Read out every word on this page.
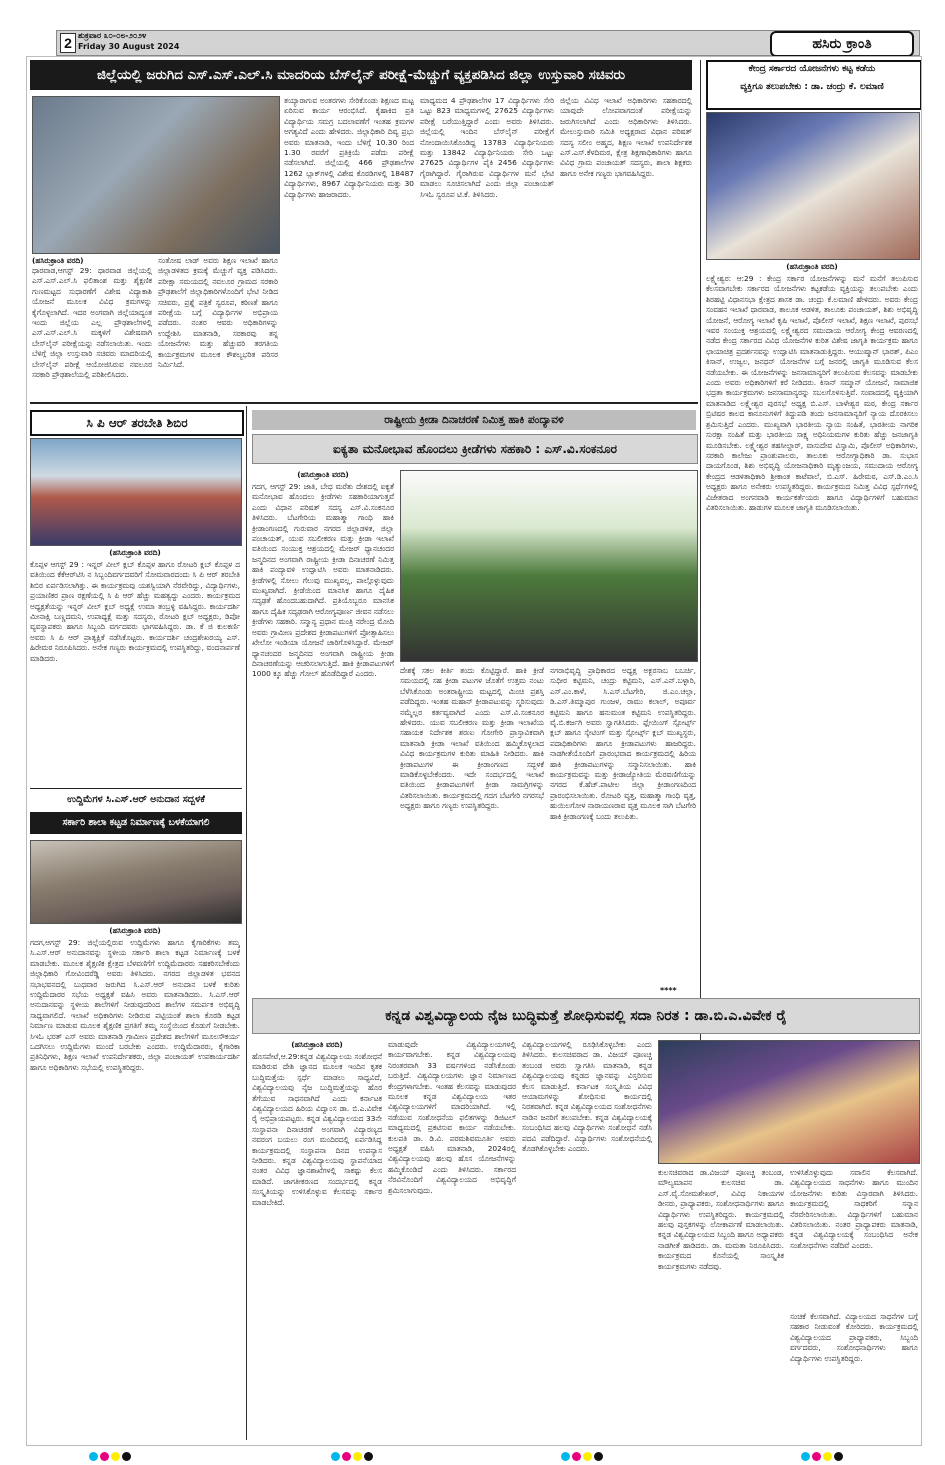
2 ಶುಕ್ರವಾರ ೩೦-೦೮-೨೦೨೪
Friday 30 August 2024	ಹಸಿರು ಕ್ರಾಂತಿ
ಜಿಲ್ಲೆಯಲ್ಲಿ ಜರುಗಿದ ಎಸ್.ಎಸ್.ಎಲ್.ಸಿ ಮಾದರಿಯ ಬೆಸ್‌ಲೈನ್ ಪರೀಕ್ಷೆ-ಮೆಚ್ಚುಗೆ ವ್ಯಕ್ತಪಡಿಸಿದ ಜಿಲ್ಲಾ ಉಸ್ತುವಾರಿ ಸಚಿವರು
(ಹಸಿರುಕ್ರಾಂತಿ ವರದಿ)
ಧಾರವಾಡ,ಆಗಸ್ಟ್ 29: ಧಾರವಾಡ ಜಿಲ್ಲೆಯಲ್ಲಿ ಎಸ್.ಎಸ್.ಎಲ್.ಸಿ ಫಲಿತಾಂಶ ಮತ್ತು ಶೈಕ್ಷಣಿಕ ಗುಣಮಟ್ಟದ ಸುಧಾರಣೆಗೆ ವಿಶೇಷ ವಿದ್ಯಾಕಾಶಿ ಯೋಜನೆ ಮೂಲಕ ವಿವಿಧ ಕ್ರಮಗಳನ್ನು ಕೈಗೊಳ್ಳಲಾಗಿದೆ. ಇದರ ಅಂಗವಾಗಿ ಜಿಲ್ಲೆಯಾದ್ಯಂತ ಇಂದು ಜಿಲ್ಲೆಯ ಎಲ್ಲ ಪ್ರೌಢಶಾಲೆಗಳಲ್ಲಿ ಎಸ್.ಎಸ್.ಎಲ್.ಸಿ ಮಕ್ಕಳಿಗೆ ವಿಶೇಷವಾಗಿ ಬೇಸ್‌ಲೈನ್ ಪರೀಕ್ಷೆಯನ್ನು ನಡೆಸಲಾಯಿತು. ಇಂದು ಬೆಳಿಗ್ಗೆ ಜಿಲ್ಲಾ ಉಸ್ತುವಾರಿ ಸಚಿವರು ಮಾದರಿಯಲ್ಲಿ ಬೇಸ್‌ಲೈನ್ ಪರೀಕ್ಷೆ ಆಯೋಜಿಸಿರುವ ನವಲೂರ ಸರಕಾರಿ ಪ್ರೌಢಶಾಲೆಯಲ್ಲಿ ಪರಿಶೀಲಿಸಿದರು.
ಸಂತೋಷ ಲಾಡ್ ಅವರು ಶಿಕ್ಷಣ ಇಲಾಖೆ ಹಾಗೂ ಜಿಲ್ಲಾಡಳಿತದ ಕ್ರಮಕ್ಕೆ ಮೆಚ್ಚುಗೆ ವ್ಯಕ್ತ ಪಡಿಸಿದರು. ಪರೀಕ್ಷಾ ಸಮಯದಲ್ಲಿ ನವಲೂರ ಗ್ರಾಮದ ಸರಕಾರಿ ಪ್ರೌಢಶಾಲೆಗೆ ಜಿಲ್ಲಾಧಿಕಾರಿಗಳೊಂದಿಗೆ ಭೇಟಿ ನೀಡಿದ ಸಚಿವರು, ಪ್ರಶ್ನೆ ಪತ್ರಿಕೆ ಸ್ವರೂಪ, ಕಠಿಣತೆ ಹಾಗೂ ಪರೀಕ್ಷೆಯ ಬಗ್ಗೆ ವಿದ್ಯಾರ್ಥಿಗಳ ಅಭಿಪ್ರಾಯ ಪಡೆದರು. ನಂತರ ಆವರು ಅಧಿಕಾರಿಗಳನ್ನು ಉದ್ದೇಶಿಸಿ ಮಾತನಾಡಿ, ಸರಕಾರವು ತನ್ನ ಯೋಜನೆಗಳು ಮತ್ತು ಹೆಚ್ಚುವರಿ ತರಗತಿಯ ಕಾರ್ಯಕ್ರಮಗಳ ಮೂಲಕ ಕೌಶಲ್ಯಭರಿತ ಪರಿಸರ ನಿರ್ಮಿಸಿದೆ.
ತಯ್ಯಾರಾಗುವ ಅಂತರಗಳು ಸೇರಿಕೊಂಡು ಶಿಕ್ಷಣದ ಮಟ್ಟ ಏರಿಸುವ ಕಾರ್ಯ ಆರಂಭಿಸಿದೆ. ಕೈಹಾಕಿದ ಪ್ರತಿ ವಿದ್ಯಾರ್ಥಿಯ ಸಮಗ್ರ ಬದಲಾವಣೆಗೆ ಇಂತಹ ಕ್ರಮಗಳ ಅಗತ್ಯವಿದೆ ಎಂದು ಹೇಳಿದರು. ಜಿಲ್ಲಾಧಿಕಾರಿ ದಿವ್ಯ ಪ್ರಭು ಅವರು ಮಾತನಾಡಿ, ಇಂದು ಬೆಳಿಗ್ಗೆ 10.30 ರಿಂದ 1.30 ರವರೆಗೆ ಪ್ರತಿಕ್ರಿಯೆ ಪಡೆದು ಪರೀಕ್ಷೆ ನಡೆಸಲಾಗಿದೆ. ಜಿಲ್ಲೆಯಲ್ಲಿ 466 ಪ್ರೌಢಶಾಲೆಗಳ 1262 ಬ್ಲಾಕ್‌ಗಳಲ್ಲಿ ವಿಶೇಷ ಕೊಠಡಿಗಳಲ್ಲಿ 18487 ವಿದ್ಯಾರ್ಥಿಗಳು, 8967 ವಿದ್ಯಾರ್ಥಿನಿಯರು ಮತ್ತು 30 ವಿದ್ಯಾರ್ಥಿಗಳು ಹಾಜರಾದರು.
ಮಾಧ್ಯಮದ 4 ಪ್ರೌಢಶಾಲೆಗಳ 17 ವಿದ್ಯಾರ್ಥಿಗಳು ಸೇರಿ ಒಟ್ಟು 823 ಮಾಧ್ಯಮಗಳಲ್ಲಿ 27625 ವಿದ್ಯಾರ್ಥಿಗಳು ಪರೀಕ್ಷೆ ಬರೆಯುತ್ತಿದ್ದಾರೆ ಎಂದು ಅವರು ತಿಳಿಸಿದರು. ಜಿಲ್ಲೆಯಲ್ಲಿ ಇಂದಿನ ಬೆಸ್‌ಲೈನ್ ಪರೀಕ್ಷೆಗೆ ನೋಂದಾಯಿಸಿಕೊಂಡಿದ್ದ 13783 ವಿದ್ಯಾರ್ಥಿನಿಯರು ಮತ್ತು 13842 ವಿದ್ಯಾರ್ಥಿನಿಯರು ಸೇರಿ ಒಟ್ಟು 27625 ವಿದ್ಯಾರ್ಥಿಗಳ ಪೈಕಿ 2456 ವಿದ್ಯಾರ್ಥಿಗಳು ಗೈರಾಗಿದ್ದಾರೆ. ಗೈರಾಗಿರುವ ವಿದ್ಯಾರ್ಥಿಗಳ ಮನೆ ಭೇಟಿ ಮಾಡಲು ಸೂಚಿಸಲಾಗಿದೆ ಎಂದು ಜಿಲ್ಲಾ ಪಂಚಾಯತ್ ಸಿಇಓ ಸ್ವರೂಪ ಟಿ.ಕೆ. ತಿಳಿಸಿದರು.
ಜಿಲ್ಲೆಯ ವಿವಿಧ ಇಲಾಖೆ ಅಧಿಕಾರಿಗಳು ಸಹಕಾರದಲ್ಲಿ ಯಾವುದೇ ಲೋಪವಾಗದಂತೆ ಪರೀಕ್ಷೆಯನ್ನು ಜರುಗಿಸಲಾಗಿದೆ ಎಂದು ಅಧಿಕಾರಿಗಳು ತಿಳಿಸಿದರು. ಮೇಲುಸ್ತುವಾರಿ ಸಮಿತಿ ಅಧ್ಯಕ್ಷರಾದ ವಿಧಾನ ಪರಿಷತ್ ಸದಸ್ಯ ಸಲೀಂ ಅಹ್ಮದ, ಶಿಕ್ಷಣ ಇಲಾಖೆ ಉಪನಿರ್ದೇಶಕ ಎಸ್.ಎಸ್.ಕೆಳದಿಮಠ, ಕ್ಷೇತ್ರ ಶಿಕ್ಷಣಾಧಿಕಾರಿಗಳು ಹಾಗೂ ವಿವಿಧ ಗ್ರಾಮ ಪಂಚಾಯತ್ ಸದಸ್ಯರು, ಶಾಲಾ ಶಿಕ್ಷಕರು ಹಾಗೂ ಅನೇಕ ಗಣ್ಯರು ಭಾಗವಹಿಸಿದ್ದರು.
ಕೇಂದ್ರ ಸರ್ಕಾರದ ಯೋಜನೆಗಳು ಕಟ್ಟ ಕಡೆಯ
ವ್ಯಕ್ತಿಗೂ ತಲುಪಬೇಕು : ಡಾ. ಚಂದ್ರು ಕೆ. ಲಮಾಣಿ
(ಹಸಿರುಕ್ರಾಂತಿ ವರದಿ)
ಲಕ್ಷ್ಮೇಶ್ವರ: ಆ:29 : ಕೇಂದ್ರ ಸರ್ಕಾರ ಯೋಜನೆಗಳನ್ನು ಮನೆ ಮನೆಗೆ ತಲುಪಿಸುವ ಕೆಲಸವಾಗಬೇಕು ಸರ್ಕಾರದ ಯೋಜನೆಗಳು ಕಟ್ಟಕಡೆಯ ವ್ಯಕ್ತಿಯನ್ನು ತಲುಪಬೇಕು ಎಂದು ಶಿರಹಟ್ಟಿ ವಿಧಾನಸಭಾ ಕ್ಷೇತ್ರದ ಶಾಸಕ ಡಾ. ಚಂದ್ರು ಕೆ.ಲಮಾಣಿ ಹೇಳಿದರು. ಅವರು ಕೇಂದ್ರ ಸಂವಹನ ಇಲಾಖೆ ಧಾರವಾಡ, ತಾಲೂಕ ಆಡಳಿತ, ತಾಲೂಕು ಪಂಚಾಯತ್, ಶಿಶು ಅಭಿವೃದ್ಧಿ ಯೋಜನೆ, ಆರೋಗ್ಯ ಇಲಾಖೆ ಕೃಷಿ ಇಲಾಖೆ, ಪೊಲೀಸ್ ಇಲಾಖೆ, ಶಿಕ್ಷಣ ಇಲಾಖೆ, ಪುರಸಭೆ ಇವರ ಸಂಯುಕ್ತ ಆಶ್ರಯದಲ್ಲಿ ಲಕ್ಷ್ಮೇಶ್ವರದ ಸಮುದಾಯ ಆರೋಗ್ಯ ಕೇಂದ್ರ ಆವರಣದಲ್ಲಿ ನಡೆದ ಕೇಂದ್ರ ಸರ್ಕಾರದ ವಿವಿಧ ಯೋಜನೆಗಳ ಕುರಿತ ವಿಶೇಷ ಜಾಗೃತಿ ಕಾರ್ಯಕ್ರಮ ಹಾಗೂ ಛಾಯಾಚಿತ್ರ ಪ್ರದರ್ಶನವನ್ನು ಉದ್ಘಾಟಿಸಿ ಮಾತನಾಡುತ್ತಿದ್ದರು. ಆಯುಷ್ಮಾನ್ ಭಾರತ್, ಪಿಎಂ ಕಿಸಾನ್, ಉಜ್ವಲ, ಜನಧನ್ ಯೋಜನೆಗಳ ಬಗ್ಗೆ ಜನರಲ್ಲಿ ಜಾಗೃತಿ ಮೂಡಿಸುವ ಕೆಲಸ ನಡೆಯಬೇಕು. ಈ ಯೋಜನೆಗಳನ್ನು ಜನಸಾಮಾನ್ಯರಿಗೆ ತಲುಪಿಸುವ ಕೆಲಸವನ್ನು ಮಾಡಬೇಕು ಎಂದು ಅವರು ಅಧಿಕಾರಿಗಳಿಗೆ ಕರೆ ನೀಡಿದರು. ಕಿಸಾನ್ ಸಮ್ಮಾನ್ ಯೋಜನೆ, ಸಾಮಾಜಿಕ ಭದ್ರತಾ ಕಾರ್ಯಕ್ರಮಗಳು ಜನಸಾಮಾನ್ಯರನ್ನು ಸಬಲಗೊಳಿಸುತ್ತಿವೆ. ಸಂವಾದದಲ್ಲಿ ವ್ಯಕ್ತಿಯಾಗಿ ಮಾತನಾಡಿದ ಲಕ್ಷ್ಮೇಶ್ವರ ಪುರಸಭೆ ಅಧ್ಯಕ್ಷ ಬಿ.ಎಸ್. ಬಾಳೇಶ್ವರ ಮಠ, ಕೇಂದ್ರ ಸರ್ಕಾರ ಬ್ರಿಟಿಷರ ಕಾಲದ ಕಾನೂನುಗಳಿಗೆ ತಿದ್ದುಪಡಿ ತಂದು ಜನಸಾಮಾನ್ಯರಿಗೆ ನ್ಯಾಯ ದೊರಕಿಸಲು ಶ್ರಮಿಸುತ್ತಿದೆ ಎಂದರು. ಮುಖ್ಯವಾಗಿ ಭಾರತೀಯ ನ್ಯಾಯ ಸಂಹಿತೆ, ಭಾರತೀಯ ನಾಗರಿಕ ಸುರಕ್ಷಾ ಸಂಹಿತೆ ಮತ್ತು ಭಾರತೀಯ ಸಾಕ್ಷ್ಯ ಅಧಿನಿಯಮಗಳ ಕುರಿತು ಹೆಚ್ಚು ಜನಜಾಗೃತಿ ಮೂಡಿಸಬೇಕು. ಲಕ್ಷ್ಮೇಶ್ವರ ತಹಸೀಲ್ದಾರ್, ವಾಸುದೇವ ವಿಸ್ವಾಮಿ, ಪೊಲೀಸ್ ಅಧಿಕಾರಿಗಳು, ಸರಕಾರಿ ಕಾಲೇಜು ಪ್ರಾಂಶುಪಾಲರು, ತಾಲೂಕು ಆರೋಗ್ಯಾಧಿಕಾರಿ ಡಾ. ಸುಭಾಸ ದಾಯಗೊಂಡ, ಶಿಶು ಅಭಿವೃದ್ಧಿ ಯೋಜನಾಧಿಕಾರಿ ಮೃತ್ಯುಂಜಯ, ಸಮುದಾಯ ಆರೋಗ್ಯ ಕೇಂದ್ರದ ಆಡಳಿತಾಧಿಕಾರಿ ಶ್ರೀಕಾಂತ ಕಾಟೆವಾಲೆ, ಬಿ.ಎಸ್. ಹಿರೇಮಠ, ಎಸ್.ಡಿ.ಎಂ.ಸಿ ಅಧ್ಯಕ್ಷರು ಹಾಗೂ ಅನೇಕರು ಉಪಸ್ಥಿತರಿದ್ದರು. ಕಾರ್ಯಕ್ರಮದ ನಿಮಿತ್ತ ವಿವಿಧ ಸ್ಪರ್ಧೆಗಳಲ್ಲಿ ವಿಜೇತರಾದ ಅಂಗನವಾಡಿ ಕಾರ್ಯಕರ್ತೆಯರು ಹಾಗೂ ವಿದ್ಯಾರ್ಥಿಗಳಿಗೆ ಬಹುಮಾನ ವಿತರಿಸಲಾಯಿತು. ಹಾಡುಗಳ ಮೂಲಕ ಜಾಗೃತಿ ಮೂಡಿಸಲಾಯಿತು.
ಸಿ ಪಿ ಆರ್ ತರಬೇತಿ ಶಿಬಿರ
(ಹಸಿರುಕ್ರಾಂತಿ ವರದಿ)
ಕೊಪ್ಪಳ ಆಗಸ್ಟ್ 29 : ಇನ್ನರ್ ವೀಲ್ ಕ್ಲಬ್ ಕೊಪ್ಪಳ ಹಾಗೂ ರೋಟರಿ ಕ್ಲಬ್ ಕೊಪ್ಪಳ ದ ವತಿಯಿಂದ ಕೆಕೆಆರ್‌ಟಿಸಿ ನ ಸಿಬ್ಬಂದಿವರ್ಗದವರಿಗೆ ಸೋಮವಾರದಂದು ಸಿ ಪಿ ಆರ್ ತರಬೇತಿ ಶಿಬಿರ ಏರ್ಪಡಿಸಲಾಗಿತ್ತು. ಈ ಕಾರ್ಯಕ್ರಮವು ಯಶಸ್ವಿಯಾಗಿ ನೆರವೇರಿದ್ದು, ವಿದ್ಯಾರ್ಥಿಗಳು, ಪ್ರಯಾಣಿಕರ ಪ್ರಾಣ ರಕ್ಷಣೆಯಲ್ಲಿ ಸಿ ಪಿ ಆರ್ ಹೆಚ್ಚು ಮಹತ್ವದ್ದು ಎಂದರು. ಕಾರ್ಯಕ್ರಮದ ಅಧ್ಯಕ್ಷತೆಯನ್ನು ಇನ್ನರ್ ವೀಲ್ ಕ್ಲಬ್ ಅಧ್ಯಕ್ಷೆ ಉಮಾ ತಂಬ್ರಳ್ಳಿ ವಹಿಸಿದ್ದರು. ಕಾರ್ಯದರ್ಶಿ ಮೀನಾಕ್ಷಿ ಬಣ್ಣದಮನಿ, ಉಪಾಧ್ಯಕ್ಷೆ ಮತ್ತು ಸದಸ್ಯರು, ರೋಟರಿ ಕ್ಲಬ್ ಅಧ್ಯಕ್ಷರು, ಡಿಪೋ ವ್ಯವಸ್ಥಾಪಕರು ಹಾಗೂ ಸಿಬ್ಬಂದಿ ವರ್ಗದವರು ಭಾಗವಹಿಸಿದ್ದರು. ಡಾ. ಕೆ ಜಿ ಕುಲಕರ್ಣಿ ಅವರು ಸಿ ಪಿ ಆರ್ ಪ್ರಾತ್ಯಕ್ಷಿಕೆ ನಡೆಸಿಕೊಟ್ಟರು. ಕಾರ್ಯದರ್ಶಿ ಚಂದ್ರಶೇಖರಯ್ಯ ಎಸ್. ಹಿರೇಮಠ ನಿರೂಪಿಸಿದರು. ಅನೇಕ ಗಣ್ಯರು ಕಾರ್ಯಕ್ರಮದಲ್ಲಿ ಉಪಸ್ಥಿತರಿದ್ದು, ವಂದನಾರ್ಪಣೆ ಮಾಡಿದರು.
ಉದ್ದಿಮೆಗಳ ಸಿ.ಎಸ್.ಆರ್ ಅನುದಾನ ಸದ್ಬಳಕೆ
ಸರ್ಕಾರಿ ಶಾಲಾ ಕಟ್ಟಡ ನಿರ್ಮಾಣಕ್ಕೆ ಬಳಕೆಯಾಗಲಿ
(ಹಸಿರುಕ್ರಾಂತಿ ವರದಿ)
ಗದಗ,ಆಗಸ್ಟ್ 29: ಜಿಲ್ಲೆಯಲ್ಲಿರುವ ಉದ್ದಿಮೆಗಳು ಹಾಗೂ ಕೈಗಾರಿಕೆಗಳು ತಮ್ಮ ಸಿ.ಎಸ್.ಆರ್ ಅನುದಾನವನ್ನು ಸ್ಥಳೀಯ ಸರ್ಕಾರಿ ಶಾಲಾ ಕಟ್ಟಡ ನಿರ್ಮಾಣಕ್ಕೆ ಬಳಕೆ ಮಾಡಬೇಕು. ಮೂಲಕ ಶೈಕ್ಷಣಿಕ ಕ್ಷೇತ್ರದ ಬೆಳವಣಿಗೆಗೆ ಉದ್ದಿಮೆದಾರರು ಸಹಕರಿಸಬೇಕೆಂದು ಜಿಲ್ಲಾಧಿಕಾರಿ ಗೋವಿಂದರೆಡ್ಡಿ ಅವರು ತಿಳಿಸಿದರು. ನಗರದ ಜಿಲ್ಲಾಡಳಿತ ಭವನದ ಸಭಾಭವನದಲ್ಲಿ ಬುಧವಾರ ಜರುಗಿದ ಸಿ.ಎಸ್.ಆರ್ ಅನುದಾನ ಬಳಕೆ ಕುರಿತು ಉದ್ದಿಮೆದಾರರ ಸಭೆಯ ಅಧ್ಯಕ್ಷತೆ ವಹಿಸಿ ಅವರು ಮಾತನಾಡಿದರು. ಸಿ.ಎಸ್.ಆರ್ ಅನುದಾನವನ್ನು ಸ್ಥಳೀಯ ಶಾಲೆಗಳಿಗೆ ನೀಡುವುದರಿಂದ ಶಾಲೆಗಳ ಸಮರ್ಪಕ ಅಭಿವೃದ್ಧಿ ಸಾಧ್ಯವಾಗಲಿದೆ. ಇಲಾಖೆ ಅಧಿಕಾರಿಗಳು ನೀಡಿರುವ ಪಟ್ಟಿಯಂತೆ ಶಾಲಾ ಕೊಠಡಿ ಕಟ್ಟಡ ನಿರ್ಮಾಣ ಮಾಡುವ ಮೂಲಕ ಶೈಕ್ಷಣಿಕ ಪ್ರಗತಿಗೆ ತಮ್ಮ ಸಂಸ್ಥೆಯಿಂದ ಕೊಡುಗೆ ನೀಡಬೇಕು. ಸಿಇಓ ಭರತ್ ಎಸ್ ಅವರು ಮಾತನಾಡಿ ಗ್ರಾಮೀಣ ಪ್ರದೇಶದ ಶಾಲೆಗಳಿಗೆ ಮೂಲಸೌಕರ್ಯ ಒದಗಿಸಲು ಉದ್ದಿಮೆಗಳು ಮುಂದೆ ಬರಬೇಕು ಎಂದರು. ಉದ್ದಿಮೆದಾರರು, ಕೈಗಾರಿಕಾ ಪ್ರತಿನಿಧಿಗಳು, ಶಿಕ್ಷಣ ಇಲಾಖೆ ಉಪನಿರ್ದೇಶಕರು, ಜಿಲ್ಲಾ ಪಂಚಾಯತ್ ಉಪಕಾರ್ಯದರ್ಶಿ ಹಾಗೂ ಅಧಿಕಾರಿಗಳು ಸಭೆಯಲ್ಲಿ ಉಪಸ್ಥಿತರಿದ್ದರು.
ರಾಷ್ಟ್ರೀಯ ಕ್ರೀಡಾ ದಿನಾಚರಣೆ ನಿಮಿತ್ತ ಹಾಕಿ ಪಂದ್ಯಾವಳಿ
ಐಕ್ಯತಾ ಮನೋಭಾವ ಹೊಂದಲು ಕ್ರೀಡೆಗಳು ಸಹಕಾರಿ : ಎಸ್.ವಿ.ಸಂಕನೂರ
(ಹಸಿರುಕ್ರಾಂತಿ ವರದಿ)
ಗದಗ, ಆಗಸ್ಟ್ 29: ಜಾತಿ, ಬೇಧ ಮರೆತು ದೇಶದಲ್ಲಿ ಐಕ್ಯತೆ ಮನೋಭಾವ ಹೊಂದಲು ಕ್ರೀಡೆಗಳು ಸಹಕಾರಿಯಾಗುತ್ತವೆ ಎಂದು ವಿಧಾನ ಪರಿಷತ್ ಸದಸ್ಯ ಎಸ್.ವಿ.ಸಂಕನೂರ ತಿಳಿಸಿದರು. ಬೆಟಗೇರಿಯ ಮಹಾತ್ಮಾ ಗಾಂಧಿ ಹಾಕಿ ಕ್ರೀಡಾಂಗಣದಲ್ಲಿ ಗುರುವಾರ ನಗರದ ಜಿಲ್ಲಾಡಳಿತ, ಜಿಲ್ಲಾ ಪಂಚಾಯತ್, ಯುವ ಸಬಲೀಕರಣ ಮತ್ತು ಕ್ರೀಡಾ ಇಲಾಖೆ ವತಿಯಿಂದ ಸಂಯುಕ್ತ ಆಶ್ರಯದಲ್ಲಿ ಮೇಜರ್ ಧ್ಯಾನಚಂದರ ಜನ್ಮದಿನದ ಅಂಗವಾಗಿ ರಾಷ್ಟ್ರೀಯ ಕ್ರೀಡಾ ದಿನಾಚರಣೆ ನಿಮಿತ್ತ ಹಾಕಿ ಪಂದ್ಯಾವಳಿ ಉದ್ಘಾಟಿಸಿ ಅವರು ಮಾತನಾಡಿದರು. ಕ್ರೀಡೆಗಳಲ್ಲಿ ಸೋಲು ಗೆಲುವು ಮುಖ್ಯವಲ್ಲ, ಪಾಲ್ಗೊಳ್ಳುವುದು ಮುಖ್ಯವಾಗಿದೆ. ಕ್ರೀಡೆಯಿಂದ ಮಾನಸಿಕ ಹಾಗೂ ದೈಹಿಕ ಸದೃಢತೆ ಹೊಂದಬಹುದಾಗಿದೆ. ಪ್ರತಿಯೊಬ್ಬರೂ ಮಾನಸಿಕ ಹಾಗೂ ದೈಹಿಕ ಸದೃಢರಾಗಿ ಆರೋಗ್ಯಪೂರ್ಣ ಜೀವನ ನಡೆಸಲು ಕ್ರೀಡೆಗಳು ಸಹಕಾರಿ. ಸನ್ಮಾನ್ಯ ಪ್ರಧಾನ ಮಂತ್ರಿ ನರೇಂದ್ರ ಮೋದಿ ಅವರು ಗ್ರಾಮೀಣ ಪ್ರದೇಶದ ಕ್ರೀಡಾಪಟುಗಳಿಗೆ ಪ್ರೋತ್ಸಾಹಿಸಲು ಖೇಲೋ ಇಂಡಿಯಾ ಯೋಜನೆ ಜಾರಿಗೊಳಿಸಿದ್ದಾರೆ. ಮೇಜರ್ ಧ್ಯಾನಚಂದರ ಜನ್ಮದಿನದ ಅಂಗವಾಗಿ ರಾಷ್ಟ್ರೀಯ ಕ್ರೀಡಾ ದಿನಾಚರಣೆಯನ್ನು ಆಚರಿಸಲಾಗುತ್ತಿದೆ. ಹಾಕಿ ಕ್ರೀಡಾಪಟುಗಳಿಗೆ 1000 ಕ್ಕೂ ಹೆಚ್ಚು ಗೋಲ್ ಹೊಡೆದಿದ್ದಾರೆ ಎಂದರು.	ದೇಶಕ್ಕೆ ಸಕಲ ಕೀರ್ತಿ ತಂದು ಕೊಟ್ಟಿದ್ದಾರೆ. ಹಾಕಿ ಕ್ರೀಡೆ ಸಮಯದಲ್ಲಿ ಸಹ ಕ್ರೀಡಾ ಪಟುಗಳ ಜೊತೆಗೆ ಉತ್ತಮ ನಂಟು ಬೆಳೆಸಿಕೊಂಡು ಅಂತರಾಷ್ಟ್ರೀಯ ಮಟ್ಟದಲ್ಲಿ ಮಿಂಚಿ ಪ್ರಶಸ್ತಿ ಪಡೆದಿದ್ದರು. ಇಂತಹ ಮಹಾನ್ ಕ್ರೀಡಾಪಟುವನ್ನು ಸ್ಮರಿಸುವುದು ನಮ್ಮೆಲ್ಲರ ಕರ್ತವ್ಯವಾಗಿದೆ ಎಂದು ಎಸ್.ವಿ.ಸಂಕನೂರ ಹೇಳಿದರು. ಯುವ ಸಬಲೀಕರಣ ಮತ್ತು ಕ್ರೀಡಾ ಇಲಾಖೆಯ ಸಹಾಯಕ ನಿರ್ದೇಶಕ ಶರಣು ಗೋಗೇರಿ ಪ್ರಾಸ್ತಾವಿಕವಾಗಿ ಮಾತನಾಡಿ ಕ್ರೀಡಾ ಇಲಾಖೆ ವತಿಯಿಂದ ಹಮ್ಮಿಕೊಳ್ಳಲಾದ ವಿವಿಧ ಕಾರ್ಯಕ್ರಮಗಳ ಕುರಿತು ಮಾಹಿತಿ ನೀಡಿದರು. ಹಾಕಿ ಕ್ರೀಡಾಪಟುಗಳ ಈ ಕ್ರೀಡಾಂಗಣದ ಸದ್ಬಳಕೆ ಮಾಡಿಕೊಳ್ಳಬೇಕೆಂದರು. ಇದೇ ಸಂದರ್ಭದಲ್ಲಿ ಇಲಾಖೆ ವತಿಯಿಂದ ಕ್ರೀಡಾಪಟುಗಳಿಗೆ ಕ್ರೀಡಾ ಸಾಮಗ್ರಿಗಳನ್ನು ವಿತರಿಸಲಾಯಿತು. ಕಾರ್ಯಕ್ರಮದಲ್ಲಿ ಗದಗ ಬೆಟಗೇರಿ ನಗರಸಭೆ ಅಧ್ಯಕ್ಷರು ಹಾಗೂ ಗಣ್ಯರು ಉಪಸ್ಥಿತರಿದ್ದರು.
ನಗರಾಭಿವೃದ್ಧಿ ಪ್ರಾಧಿಕಾರದ ಅಧ್ಯಕ್ಷ ಅಕ್ಬರಸಾಬ ಬಬರ್ಚಿ, ಸುಧೀರ ಕಟ್ಟಿಮನಿ, ಚಂದ್ರು ಕಟ್ಟಿಮನಿ, ಎಸ್.ಎನ್.ಬಳ್ಳಾರಿ, ಎಸ್.ಎಂ.ಕಾಳೆ, ಸಿ.ಎಸ್.ಬೆಟಗೇರಿ, ಜಿ.ಎಂ.ಚಲ್ಲಾ, ಡಿ.ಎಸ್.ತಿಮ್ಮಾಪುರ ಗುಂಜಳ, ರಾಮು ಕಲಾಲ್, ಅಪೂರ್ವ ಕಟ್ಟಿಮನಿ ಹಾಗೂ ಹನುಮಂತ ಕಟ್ಟಿಮನಿ ಉಪಸ್ಥಿತರಿದ್ದರು. ವೈ.ಬಿ.ಕರ್ಜಗಿ ಅವರು ಸ್ವಾಗತಿಸಿದರು. ಫ್ಲೇಯಿಂಗ್ ಸ್ಪೋರ್ಟ್ಸ್ ಕ್ಲಬ್ ಹಾಗೂ ಸ್ಕೇಟಿಂಗ್ ಮತ್ತು ಸ್ಪೋರ್ಟ್ಸ್ ಕ್ಲಬ್ ಮುಖ್ಯಸ್ಥರು, ಪದಾಧಿಕಾರಿಗಳು ಹಾಗೂ ಕ್ರೀಡಾಪಟುಗಳು ಹಾಜರಿದ್ದರು. ನಾಡಗೀತೆಯೊಂದಿಗೆ ಪ್ರಾರಂಭವಾದ ಕಾರ್ಯಕ್ರಮದಲ್ಲಿ ಹಿರಿಯ ಹಾಕಿ ಕ್ರೀಡಾಪಟುಗಳನ್ನು ಸನ್ಮಾನಿಸಲಾಯಿತು. ಹಾಕಿ ಕಾರ್ಯಕ್ರಮವನ್ನು ಮತ್ತು ಕ್ರೀಡಾಜ್ಯೋತಿಯ ಮೆರವಣಿಗೆಯನ್ನು ನಗರದ ಕೆ.ಹೆಚ್.ಪಾಟೀಲ ಜಿಲ್ಲಾ ಕ್ರೀಡಾಂಗಣದಿಂದ ಪ್ರಾರಂಭಿಸಲಾಯಿತು. ರೋಟರಿ ವೃತ್ತ, ಮಹಾತ್ಮಾ ಗಾಂಧಿ ವೃತ್ತ, ಹುಯಿಲಗೋಳ ನಾರಾಯಣರಾವ ವೃತ್ತ ಮೂಲಕ ಸಾಗಿ ಬೆಟಗೇರಿ ಹಾಕಿ ಕ್ರೀಡಾಂಗಣಕ್ಕೆ ಬಂದು ತಲುಪಿತು.
****
ಕನ್ನಡ ವಿಶ್ವವಿದ್ಯಾಲಯ ನೈಜ ಬುದ್ಧಿಮತ್ತೆ ಶೋಧಿಸುವಲ್ಲಿ ಸದಾ ನಿರತ : ಡಾ.ಬಿ.ಎ.ವಿವೇಕ ರೈ
(ಹಸಿರುಕ್ರಾಂತಿ ವರದಿ)
ಹೊಸಪೇಟೆ,ಆ.29:ಕನ್ನಡ ವಿಶ್ವವಿದ್ಯಾಲಯ ಸಂಶೋಧನೆ ಮಾಡಿರುವ ದೇಶಿ ಜ್ಞಾನದ ಮೂಲಕ ಇಂದಿನ ಕೃತಕ ಬುದ್ಧಿಮತ್ತೆಯ ಸ್ಪರ್ಧೆ ಮಾಡಲು ಸಾಧ್ಯವಿದೆ, ವಿಶ್ವವಿದ್ಯಾಲಯವು ನೈಜ ಬುದ್ಧಿಮತ್ತೆಯನ್ನು ಹೊರ ತೆಗೆಯುವ ಸಾಧನವಾಗಿದೆ ಎಂದು ಕರ್ನಾಟಕ ವಿಶ್ವವಿದ್ಯಾಲಯದ ಹಿರಿಯ ವಿದ್ವಾಂಸ ಡಾ. ಬಿ.ಎ.ವಿವೇಕ ರೈ ಅಭಿಪ್ರಾಯಪಟ್ಟರು. ಕನ್ನಡ ವಿಶ್ವವಿದ್ಯಾಲಯದ 33ನೇ ಸಂಸ್ಥಾಪನಾ ದಿನಾಚರಣೆ ಅಂಗವಾಗಿ ವಿದ್ಯಾರಣ್ಯದ ನವರಂಗ ಬಯಲು ರಂಗ ಮಂದಿರದಲ್ಲಿ ಏರ್ಪಡಿಸಿದ್ದ ಕಾರ್ಯಕ್ರಮದಲ್ಲಿ ಸಂಸ್ಥಾಪನಾ ದಿನದ ಉಪನ್ಯಾಸ ನೀಡಿದರು. ಕನ್ನಡ ವಿಶ್ವವಿದ್ಯಾಲಯವು ಸ್ಥಾಪನೆಯಾದ ನಂತರ ವಿವಿಧ ಜ್ಞಾನಶಾಖೆಗಳಲ್ಲಿ ಸಾಕಷ್ಟು ಕೆಲಸ ಮಾಡಿದೆ. ಜಾಗತೀಕರಣದ ಸಂದರ್ಭದಲ್ಲಿ ಕನ್ನಡ ಸಂಸ್ಕೃತಿಯನ್ನು ಉಳಿಸಿಕೊಳ್ಳುವ ಕೆಲಸವನ್ನು ಸರ್ಕಾರ ಮಾಡಬೇಕಿದೆ.
ಮಾಡುವುದೇ ವಿಶ್ವವಿದ್ಯಾಲಯಗಳಲ್ಲಿ ಕಾರ್ಯವಾಗಬೇಕು. ಕನ್ನಡ ವಿಶ್ವವಿದ್ಯಾಲಯವು ನಿರಂತರವಾಗಿ 33 ವರ್ಷಗಳಿಂದ ನಡೆಸಿಕೊಂಡು ಬರುತ್ತಿದೆ. ವಿಶ್ವವಿದ್ಯಾಲಯಗಳು ಜ್ಞಾನ ನಿರ್ಮಾಣದ ಕೇಂದ್ರಗಳಾಗಬೇಕು. ಇಂತಹ ಕೆಲಸವನ್ನು ಮಾಡುವುದರ ಮೂಲಕ ಕನ್ನಡ ವಿಶ್ವವಿದ್ಯಾಲಯ ಇತರ ವಿಶ್ವವಿದ್ಯಾಲಯಗಳಿಗೆ ಮಾದರಿಯಾಗಿದೆ. ಇಲ್ಲಿ ನಡೆಯುವ ಸಂಶೋಧನೆಯ ಫಲಿತಗಳನ್ನು ಡಿಜಿಟಲ್ ಮಾಧ್ಯಮದಲ್ಲಿ ಪ್ರಕಟಿಸುವ ಕಾರ್ಯ ನಡೆಯಬೇಕು. ಕುಲಪತಿ ಡಾ. ಡಿ.ವಿ. ಪರಮಶಿವಮೂರ್ತಿ ಅವರು ಅಧ್ಯಕ್ಷತೆ ವಹಿಸಿ ಮಾತನಾಡಿ, 2024ರಲ್ಲಿ ವಿಶ್ವವಿದ್ಯಾಲಯವು ಹಲವು ಹೊಸ ಯೋಜನೆಗಳನ್ನು ಹಮ್ಮಿಕೊಂಡಿದೆ ಎಂದು ತಿಳಿಸಿದರು. ಸರ್ಕಾರದ ನೆರವಿನೊಂದಿಗೆ ವಿಶ್ವವಿದ್ಯಾಲಯದ ಅಭಿವೃದ್ಧಿಗೆ ಶ್ರಮಿಸಲಾಗುವುದು.
ವಿಶ್ವವಿದ್ಯಾಲಯಗಳಲ್ಲಿ ರೂಢಿಸಿಕೊಳ್ಳಬೇಕು ಎಂದು ತಿಳಿಸಿದರು. ಕುಲಸಚಿವರಾದ ಡಾ. ವಿಜಯ್ ಪೂಣಚ್ಚ ತಂಬಂಡ ಅವರು ಸ್ವಾಗತಿಸಿ ಮಾತನಾಡಿ, ಕನ್ನಡ ವಿಶ್ವವಿದ್ಯಾಲಯವು ಕನ್ನಡದ ಜ್ಞಾನವನ್ನು ವಿಸ್ತರಿಸುವ ಕೆಲಸ ಮಾಡುತ್ತಿದೆ. ಕರ್ನಾಟಕ ಸಂಸ್ಕೃತಿಯ ವಿವಿಧ ಆಯಾಮಗಳನ್ನು ಶೋಧಿಸುವ ಕಾರ್ಯದಲ್ಲಿ ನಿರತವಾಗಿದೆ. ಕನ್ನಡ ವಿಶ್ವವಿದ್ಯಾಲಯದ ಸಂಶೋಧನೆಗಳು ನಾಡಿನ ಜನರಿಗೆ ತಲುಪಬೇಕು. ಕನ್ನಡ ವಿಶ್ವವಿದ್ಯಾಲಯಕ್ಕೆ ಸಂಬಂಧಿಸಿದ ಹಲವು ವಿದ್ಯಾರ್ಥಿಗಳು ಸಂಶೋಧನೆ ನಡೆಸಿ ಪದವಿ ಪಡೆದಿದ್ದಾರೆ. ವಿದ್ಯಾರ್ಥಿಗಳು ಸಂಶೋಧನೆಯಲ್ಲಿ ತೊಡಗಿಕೊಳ್ಳಬೇಕು ಎಂದರು.
ಕುಲಸಚಿವರಾದ ಡಾ.ವಿಜಯ್ ಪೂಣಚ್ಚ ತಂಬಂಡ, ಮೌಲ್ಯಮಾಪನ ಕುಲಸಚಿವ ಡಾ. ಎಸ್.ವೈ.ಸೋಮಶೇಖರ್, ವಿವಿಧ ನಿಕಾಯಗಳ ಡೀನರು, ಪ್ರಾಧ್ಯಾಪಕರು, ಸಂಶೋಧನಾರ್ಥಿಗಳು ಹಾಗೂ ವಿದ್ಯಾರ್ಥಿಗಳು ಉಪಸ್ಥಿತರಿದ್ದರು. ಕಾರ್ಯಕ್ರಮದಲ್ಲಿ ಹಲವು ಪುಸ್ತಕಗಳನ್ನು ಲೋಕಾರ್ಪಣೆ ಮಾಡಲಾಯಿತು. ಕನ್ನಡ ವಿಶ್ವವಿದ್ಯಾಲಯದ ಸಿಬ್ಬಂದಿ ಹಾಗೂ ಅಧ್ಯಾಪಕರು ನಾಡಗೀತೆ ಹಾಡಿದರು. ಡಾ. ಮಮತಾ ನಿರೂಪಿಸಿದರು. ಕಾರ್ಯಕ್ರಮದ ಕೊನೆಯಲ್ಲಿ ಸಾಂಸ್ಕೃತಿಕ ಕಾರ್ಯಕ್ರಮಗಳು ನಡೆದವು.
ಉಳಿಸಿಕೊಳ್ಳುವುದು ಸವಾಲಿನ ಕೆಲಸವಾಗಿದೆ. ವಿಶ್ವವಿದ್ಯಾಲಯದ ಸಾಧನೆಗಳು ಹಾಗೂ ಮುಂದಿನ ಯೋಜನೆಗಳು ಕುರಿತು ವಿಸ್ತಾರವಾಗಿ ತಿಳಿಸಿದರು. ಕಾರ್ಯಕ್ರಮದಲ್ಲಿ ಸಾಧಕರಿಗೆ ಸನ್ಮಾನ ನೆರವೇರಿಸಲಾಯಿತು. ವಿದ್ಯಾರ್ಥಿಗಳಿಗೆ ಬಹುಮಾನ ವಿತರಿಸಲಾಯಿತು. ನಂತರ ಪ್ರಾಧ್ಯಾಪಕರು ಮಾತನಾಡಿ, ಕನ್ನಡ ವಿಶ್ವವಿದ್ಯಾಲಯಕ್ಕೆ ಸಂಬಂಧಿಸಿದ ಅನೇಕ ಸಂಶೋಧನೆಗಳು ನಡೆದಿವೆ ಎಂದರು.
ಸಂಚಿಕೆ ಕೆಲಸವಾಗಿದೆ. ವಿದ್ಯಾಲಯದ ಸಾಧನೆಗಳ ಬಗ್ಗೆ ಸಹಕಾರ ನೀಡುವಂತೆ ಕೋರಿದರು. ಕಾರ್ಯಕ್ರಮದಲ್ಲಿ ವಿಶ್ವವಿದ್ಯಾಲಯದ ಪ್ರಾಧ್ಯಾಪಕರು, ಸಿಬ್ಬಂದಿ ವರ್ಗದವರು, ಸಂಶೋಧನಾರ್ಥಿಗಳು ಹಾಗೂ ವಿದ್ಯಾರ್ಥಿಗಳು ಉಪಸ್ಥಿತರಿದ್ದರು.
